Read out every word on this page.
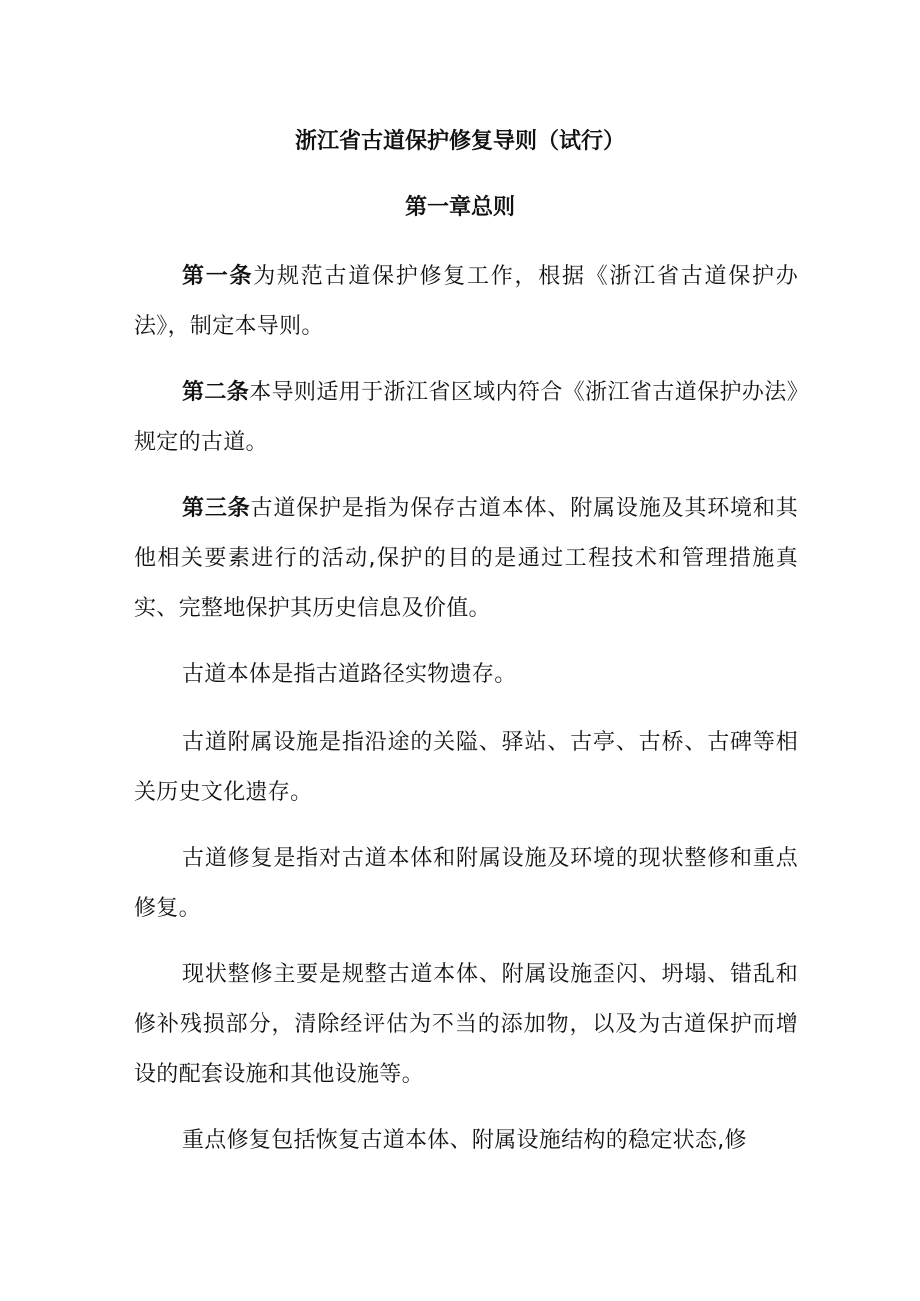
浙江省古道保护修复导则（试行）
第一章总则

第一条为规范古道保护修复工作，根据《浙江省古道保护办法》，制定本导则。

第二条本导则适用于浙江省区域内符合《浙江省古道保护办法》规定的古道。

第三条古道保护是指为保存古道本体、附属设施及其环境和其他相关要素进行的活动,保护的目的是通过工程技术和管理措施真实、完整地保护其历史信息及价值。

古道本体是指古道路径实物遗存。

古道附属设施是指沿途的关隘、驿站、古亭、古桥、古碑等相关历史文化遗存。

古道修复是指对古道本体和附属设施及环境的现状整修和重点修复。

现状整修主要是规整古道本体、附属设施歪闪、坍塌、错乱和修补残损部分，清除经评估为不当的添加物，以及为古道保护而增设的配套设施和其他设施等。

重点修复包括恢复古道本体、附属设施结构的稳定状态,修
